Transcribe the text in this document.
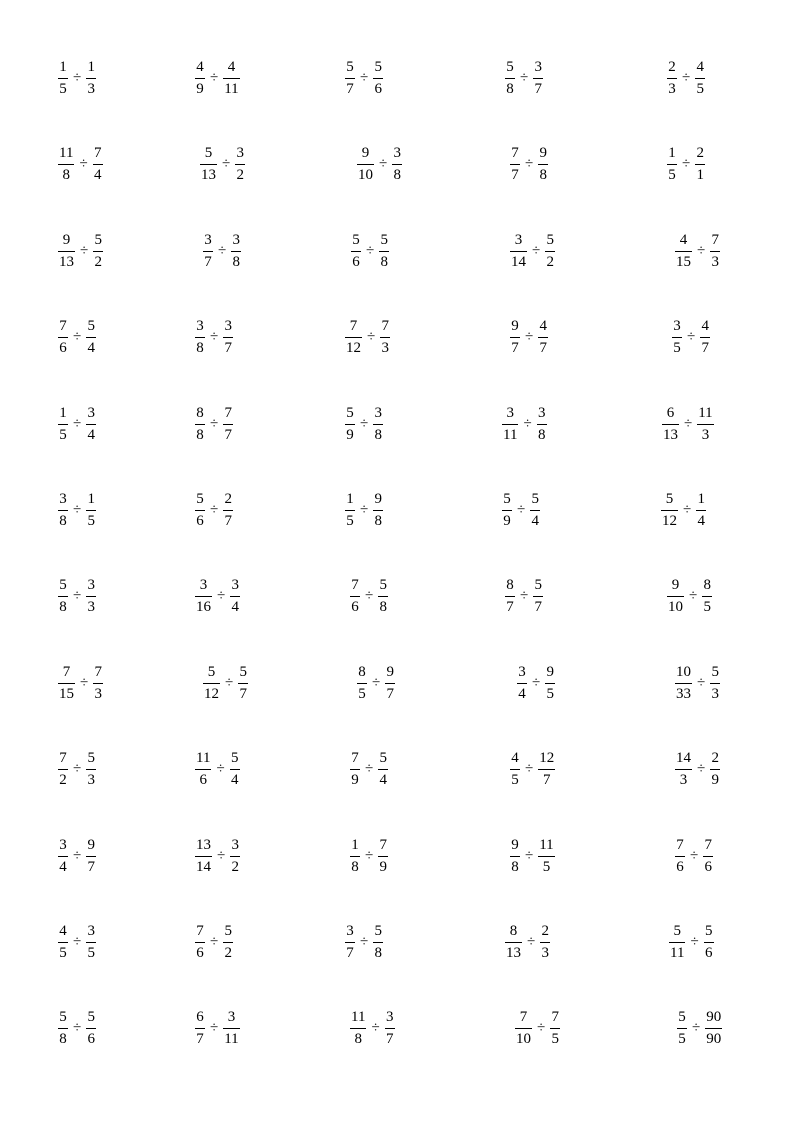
$\frac{1}{5} \div \frac{1}{3}$	$\frac{4}{9} \div \frac{4}{11}$	$\frac{5}{7} \div \frac{5}{6}$	$\frac{5}{8} \div \frac{3}{7}$	$\frac{2}{3} \div \frac{4}{5}$
$\frac{11}{8} \div \frac{7}{4}$	$\frac{5}{13} \div \frac{3}{2}$	$\frac{9}{10} \div \frac{3}{8}$	$\frac{7}{7} \div \frac{9}{8}$	$\frac{1}{5} \div \frac{2}{1}$
$\frac{9}{13} \div \frac{5}{2}$	$\frac{3}{7} \div \frac{3}{8}$	$\frac{5}{6} \div \frac{5}{8}$	$\frac{3}{14} \div \frac{5}{2}$	$\frac{4}{15} \div \frac{7}{3}$
$\frac{7}{6} \div \frac{5}{4}$	$\frac{3}{8} \div \frac{3}{7}$	$\frac{7}{12} \div \frac{7}{3}$	$\frac{9}{7} \div \frac{4}{7}$	$\frac{3}{5} \div \frac{4}{7}$
$\frac{1}{5} \div \frac{3}{4}$	$\frac{8}{8} \div \frac{7}{7}$	$\frac{5}{9} \div \frac{3}{8}$	$\frac{3}{11} \div \frac{3}{8}$	$\frac{6}{13} \div \frac{11}{3}$
$\frac{3}{8} \div \frac{1}{5}$	$\frac{5}{6} \div \frac{2}{7}$	$\frac{1}{5} \div \frac{9}{8}$	$\frac{5}{9} \div \frac{5}{4}$	$\frac{5}{12} \div \frac{1}{4}$
$\frac{5}{8} \div \frac{3}{3}$	$\frac{3}{16} \div \frac{3}{4}$	$\frac{7}{6} \div \frac{5}{8}$	$\frac{8}{7} \div \frac{5}{7}$	$\frac{9}{10} \div \frac{8}{5}$
$\frac{7}{15} \div \frac{7}{3}$	$\frac{5}{12} \div \frac{5}{7}$	$\frac{8}{5} \div \frac{9}{7}$	$\frac{3}{4} \div \frac{9}{5}$	$\frac{10}{33} \div \frac{5}{3}$
$\frac{7}{2} \div \frac{5}{3}$	$\frac{11}{6} \div \frac{5}{4}$	$\frac{7}{9} \div \frac{5}{4}$	$\frac{4}{5} \div \frac{12}{7}$	$\frac{14}{3} \div \frac{2}{9}$
$\frac{3}{4} \div \frac{9}{7}$	$\frac{13}{14} \div \frac{3}{2}$	$\frac{1}{8} \div \frac{7}{9}$	$\frac{9}{8} \div \frac{11}{5}$	$\frac{7}{6} \div \frac{7}{6}$
$\frac{4}{5} \div \frac{3}{5}$	$\frac{7}{6} \div \frac{5}{2}$	$\frac{3}{7} \div \frac{5}{8}$	$\frac{8}{13} \div \frac{2}{3}$	$\frac{5}{11} \div \frac{5}{6}$
$\frac{5}{8} \div \frac{5}{6}$	$\frac{6}{7} \div \frac{3}{11}$	$\frac{11}{8} \div \frac{3}{7}$	$\frac{7}{10} \div \frac{7}{5}$	$\frac{5}{5} \div \frac{90}{90}$
